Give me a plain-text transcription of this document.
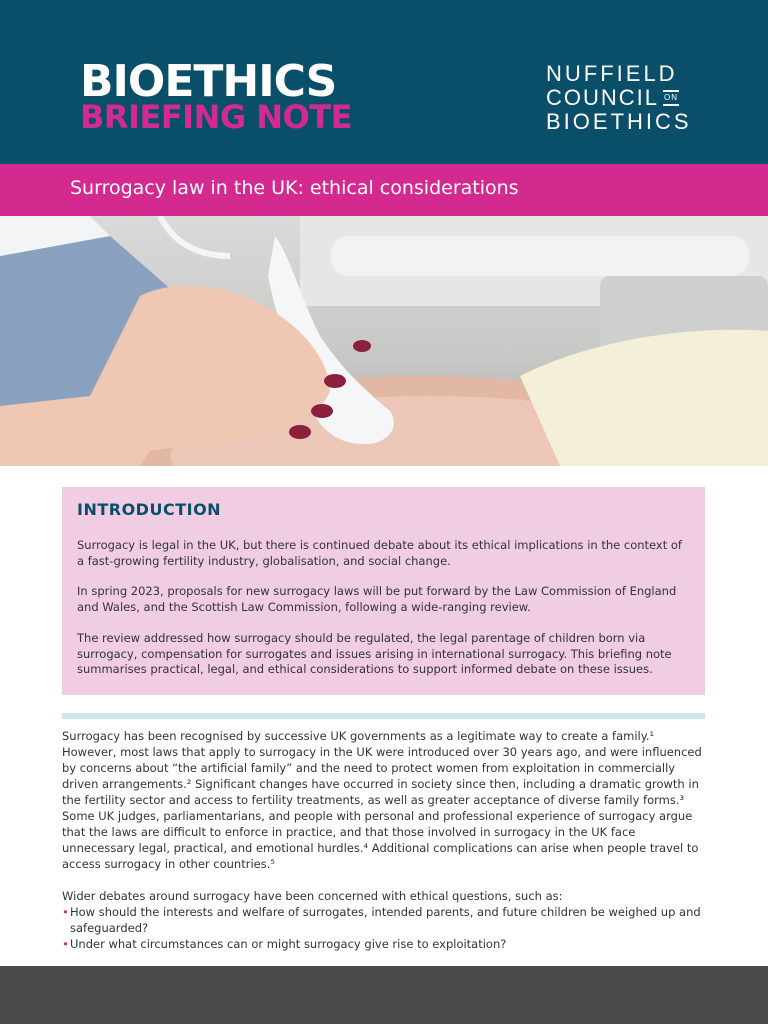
BIOETHICS
BRIEFING NOTE
NUFFIELD
COUNCIL ON
BIOETHICS
Surrogacy law in the UK: ethical considerations
INTRODUCTION

Surrogacy is legal in the UK, but there is continued debate about its ethical implications in the context of a fast-growing fertility industry, globalisation, and social change.

In spring 2023, proposals for new surrogacy laws will be put forward by the Law Commission of England and Wales, and the Scottish Law Commission, following a wide-ranging review.

The review addressed how surrogacy should be regulated, the legal parentage of children born via surrogacy, compensation for surrogates and issues arising in international surrogacy. This briefing note summarises practical, legal, and ethical considerations to support informed debate on these issues.

Surrogacy has been recognised by successive UK governments as a legitimate way to create a family.¹ However, most laws that apply to surrogacy in the UK were introduced over 30 years ago, and were influenced by concerns about “the artificial family” and the need to protect women from exploitation in commercially driven arrangements.² Significant changes have occurred in society since then, including a dramatic growth in the fertility sector and access to fertility treatments, as well as greater acceptance of diverse family forms.³ Some UK judges, parliamentarians, and people with personal and professional experience of surrogacy argue that the laws are difficult to enforce in practice, and that those involved in surrogacy in the UK face unnecessary legal, practical, and emotional hurdles.⁴ Additional complications can arise when people travel to access surrogacy in other countries.⁵

Wider debates around surrogacy have been concerned with ethical questions, such as:

• How should the interests and welfare of surrogates, intended parents, and future children be weighed up and safeguarded?
• Under what circumstances can or might surrogacy give rise to exploitation?
